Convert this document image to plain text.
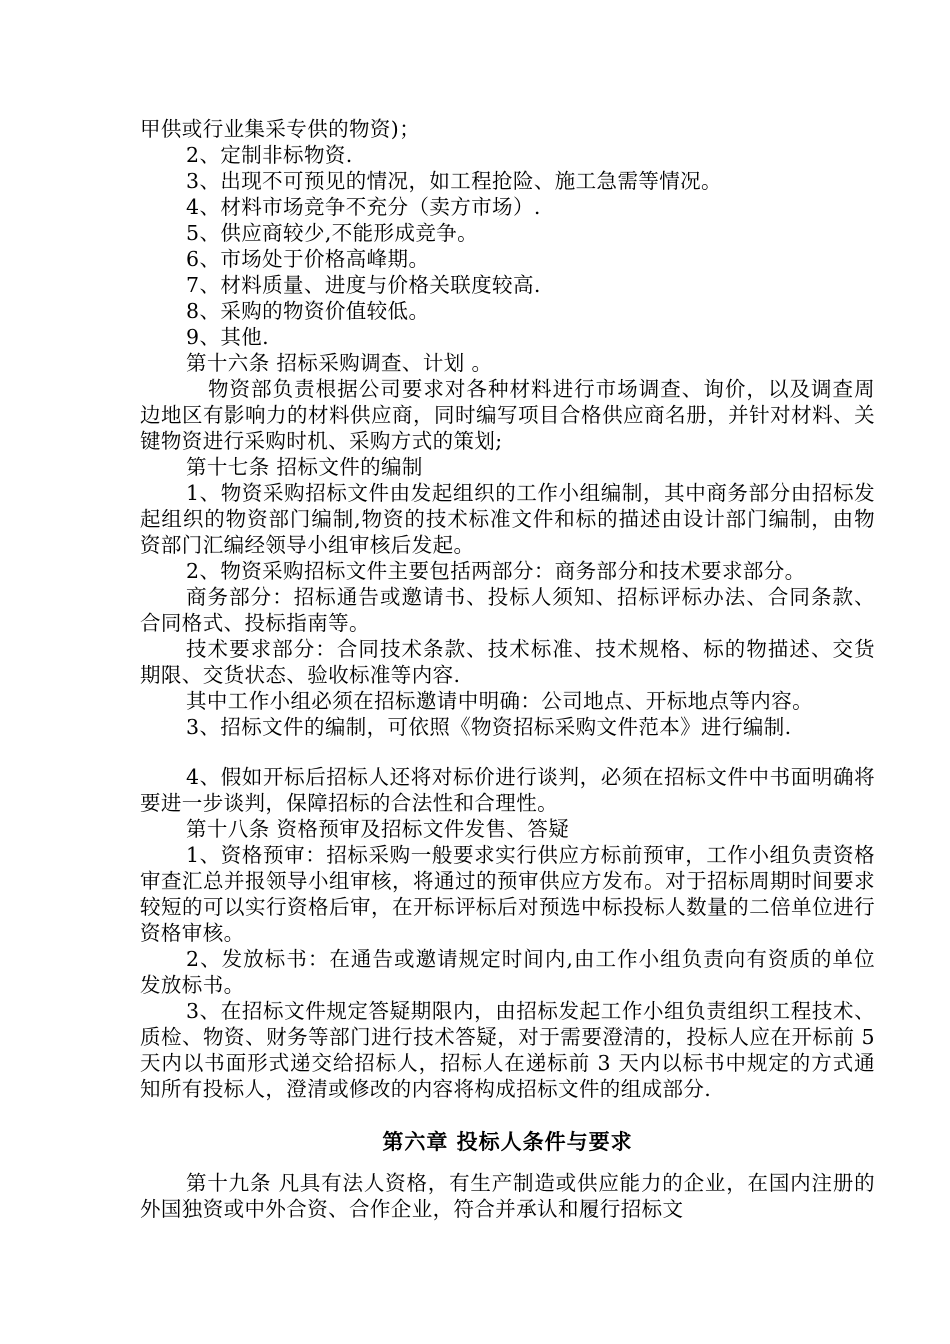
甲供或行业集采专供的物资)；

2、定制非标物资.

3、出现不可预见的情况，如工程抢险、施工急需等情况。

4、材料市场竞争不充分（卖方市场）.

5、供应商较少,不能形成竞争。

6、市场处于价格高峰期。

7、材料质量、进度与价格关联度较高.

8、采购的物资价值较低。

9、其他.

第十六条 招标采购调查、计划 。

物资部负责根据公司要求对各种材料进行市场调查、询价，以及调查周边地区有影响力的材料供应商，同时编写项目合格供应商名册，并针对材料、关键物资进行采购时机、采购方式的策划;

第十七条 招标文件的编制

1、物资采购招标文件由发起组织的工作小组编制，其中商务部分由招标发起组织的物资部门编制,物资的技术标准文件和标的描述由设计部门编制，由物资部门汇编经领导小组审核后发起。

2、物资采购招标文件主要包括两部分：商务部分和技术要求部分。

商务部分：招标通告或邀请书、投标人须知、招标评标办法、合同条款、合同格式、投标指南等。

技术要求部分：合同技术条款、技术标准、技术规格、标的物描述、交货期限、交货状态、验收标准等内容.

其中工作小组必须在招标邀请中明确：公司地点、开标地点等内容。

3、招标文件的编制，可依照《物资招标采购文件范本》进行编制.

4、假如开标后招标人还将对标价进行谈判，必须在招标文件中书面明确将要进一步谈判，保障招标的合法性和合理性。

第十八条 资格预审及招标文件发售、答疑

1、资格预审：招标采购一般要求实行供应方标前预审，工作小组负责资格审查汇总并报领导小组审核，将通过的预审供应方发布。对于招标周期时间要求较短的可以实行资格后审，在开标评标后对预选中标投标人数量的二倍单位进行资格审核。

2、发放标书：在通告或邀请规定时间内,由工作小组负责向有资质的单位发放标书。

3、在招标文件规定答疑期限内，由招标发起工作小组负责组织工程技术、质检、物资、财务等部门进行技术答疑，对于需要澄清的，投标人应在开标前 5 天内以书面形式递交给招标人，招标人在递标前 3 天内以标书中规定的方式通知所有投标人，澄清或修改的内容将构成招标文件的组成部分.

第六章 投标人条件与要求

第十九条 凡具有法人资格，有生产制造或供应能力的企业，在国内注册的外国独资或中外合资、合作企业，符合并承认和履行招标文
